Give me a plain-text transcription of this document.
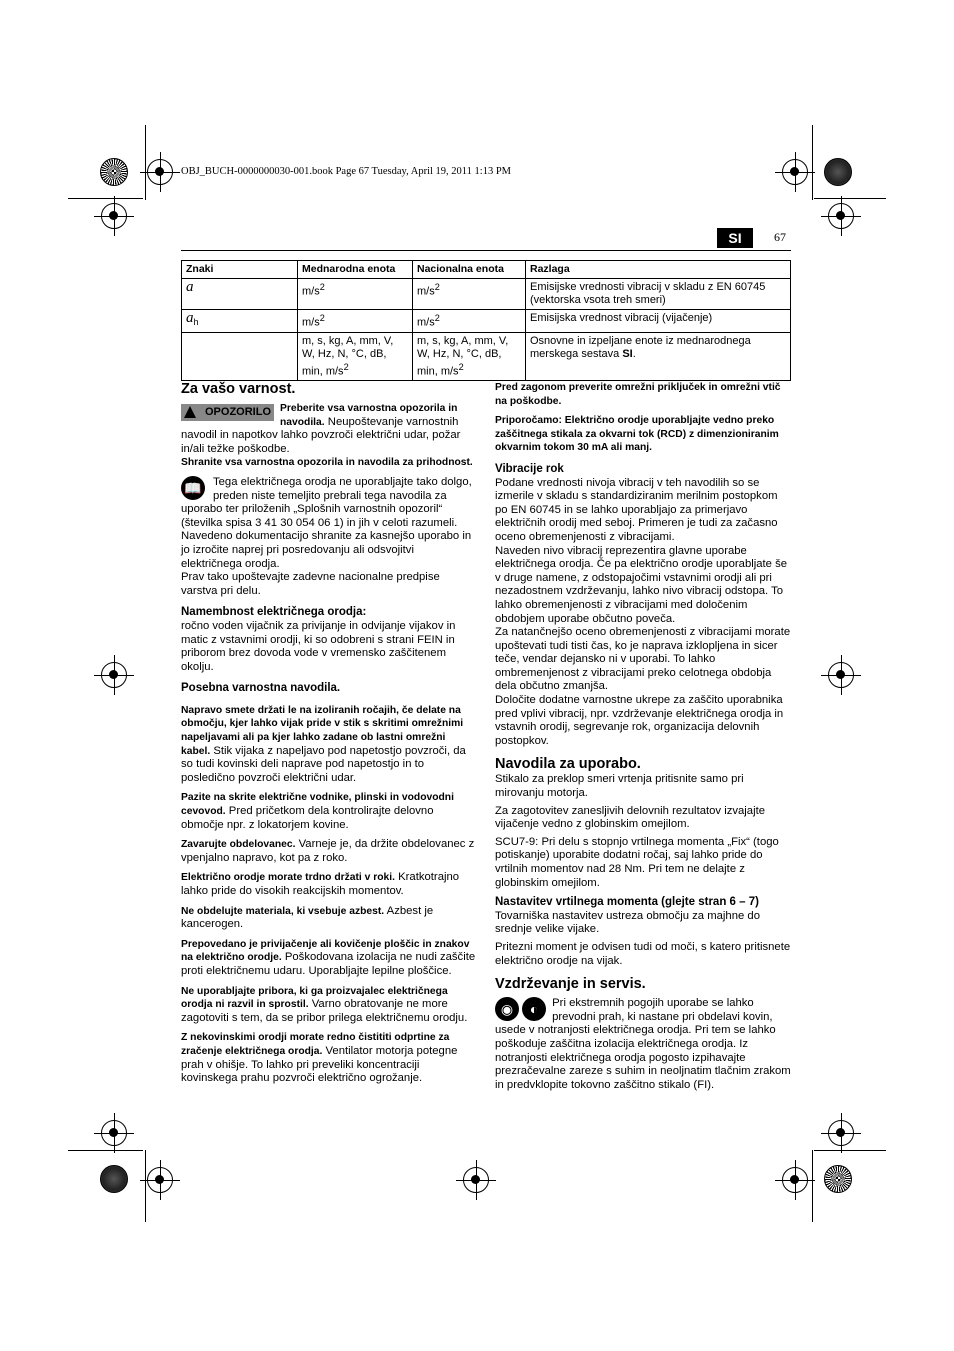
OBJ_BUCH-0000000030-001.book Page 67 Tuesday, April 19, 2011 1:13 PM
SI	67
Znaki	Mednarodna enota	Nacionalna enota	Razlaga
a	$m/s^2$	$m/s^2$	Emisijske vrednosti vibracij v skladu z EN 60745 (vektorska vsota treh smeri)
$a_h$	$m/s^2$	$m/s^2$	Emisijska vrednost vibracij (vijačenje)
	m, s, kg, A, mm, V, W, Hz, N, °C, dB, min, $m/s^2$	m, s, kg, A, mm, V, W, Hz, N, °C, dB, min, $m/s^2$	Osnovne in izpeljane enote iz mednarodnega merskega sestava SI.

Za vašo varnost.

OPOZORILO Preberite vsa varnostna opozorila in navodila. Neupoštevanje varnostnih navodil in napotkov lahko povzroči električni udar, požar in/ali težke poškodbe.

Shranite vsa varnostna opozorila in navodila za prihodnost.

📖 Tega električnega orodja ne uporabljajte tako dolgo, preden niste temeljito prebrali tega navodila za uporabo ter priloženih „Splošnih varnostnih opozoril“ (številka spisa 3 41 30 054 06 1) in jih v celoti razumeli. Navedeno dokumentacijo shranite za kasnejšo uporabo in jo izročite naprej pri posredovanju ali odsvojitvi električnega orodja.

Prav tako upoštevajte zadevne nacionalne predpise varstva pri delu.

Namembnost električnega orodja:

ročno voden vijačnik za privijanje in odvijanje vijakov in matic z vstavnimi orodji, ki so odobreni s strani FEIN in priborom brez dovoda vode v vremensko zaščitenem okolju.

Posebna varnostna navodila.

Napravo smete držati le na izoliranih ročajih, če delate na območju, kjer lahko vijak pride v stik s skritimi omrežnimi napeljavami ali pa kjer lahko zadane ob lastni omrežni kabel. Stik vijaka z napeljavo pod napetostjo povzroči, da so tudi kovinski deli naprave pod napetostjo in to posledično povzroči električni udar.

Pazite na skrite električne vodnike, plinski in vodovodni cevovod. Pred pričetkom dela kontrolirajte delovno območje npr. z lokatorjem kovine.

Zavarujte obdelovanec. Varneje je, da držite obdelovanec z vpenjalno napravo, kot pa z roko.

Električno orodje morate trdno držati v roki. Kratkotrajno lahko pride do visokih reakcijskih momentov.

Ne obdelujte materiala, ki vsebuje azbest. Azbest je kancerogen.

Prepovedano je privijačenje ali kovičenje ploščic in znakov na električno orodje. Poškodovana izolacija ne nudi zaščite proti električnemu udaru. Uporabljajte lepilne ploščice.

Ne uporabljajte pribora, ki ga proizvajalec električnega orodja ni razvil in sprostil. Varno obratovanje ne more zagotoviti s tem, da se pribor prilega električnemu orodju.

Z nekovinskimi orodji morate redno čistititi odprtine za zračenje električnega orodja. Ventilator motorja potegne prah v ohišje. To lahko pri preveliki koncentraciji kovinskega prahu pozvroči električno ogrožanje.

Pred zagonom preverite omrežni priključek in omrežni vtič na poškodbe.

Priporočamo: Električno orodje uporabljajte vedno preko zaščitnega stikala za okvarni tok (RCD) z dimenzioniranim okvarnim tokom 30 mA ali manj.

Vibracije rok

Podane vrednosti nivoja vibracij v teh navodilih so se izmerile v skladu s standardiziranim merilnim postopkom po EN 60745 in se lahko uporabljajo za primerjavo električnih orodij med seboj. Primeren je tudi za začasno oceno obremenjenosti z vibracijami.

Naveden nivo vibracij reprezentira glavne uporabe električnega orodja. Če pa električno orodje uporabljate še v druge namene, z odstopajočimi vstavnimi orodji ali pri nezadostnem vzdrževanju, lahko nivo vibracij odstopa. To lahko obremenjenosti z vibracijami med določenim obdobjem uporabe občutno poveča.

Za natančnejšo oceno obremenjenosti z vibracijami morate upoštevati tudi tisti čas, ko je naprava izklopljena in sicer teče, vendar dejansko ni v uporabi. To lahko ombremenjenost z vibracijami preko celotnega obdobja dela občutno zmanjša.

Določite dodatne varnostne ukrepe za zaščito uporabnika pred vplivi vibracij, npr. vzdrževanje električnega orodja in vstavnih orodij, segrevanje rok, organizacija delovnih postopkov.

Navodila za uporabo.

Stikalo za preklop smeri vrtenja pritisnite samo pri mirovanju motorja.

Za zagotovitev zanesljivih delovnih rezultatov izvajajte vijačenje vedno z globinskim omejilom.

SCU7-9: Pri delu s stopnjo vrtilnega momenta „Fix“ (togo potiskanje) uporabite dodatni ročaj, saj lahko pride do vrtilnih momentov nad 28 Nm. Pri tem ne delajte z globinskim omejilom.

Nastavitev vrtilnega momenta (glejte stran 6 – 7)

Tovarniška nastavitev ustreza območju za majhne do srednje velike vijake.

Pritezni moment je odvisen tudi od moči, s katero pritisnete električno orodje na vijak.

Vzdrževanje in servis.

◉ ◐	Pri ekstremnih pogojih uporabe se lahko prevodni prah, ki nastane pri obdelavi kovin, usede v notranjosti električnega orodja. Pri tem se lahko poškoduje zaščitna izolacija električnega orodja. Iz notranjosti električnega orodja pogosto izpihavajte prezračevalne zareze s suhim in neoljnatim tlačnim zrakom in predvklopite tokovno zaščitno stikalo (FI).
